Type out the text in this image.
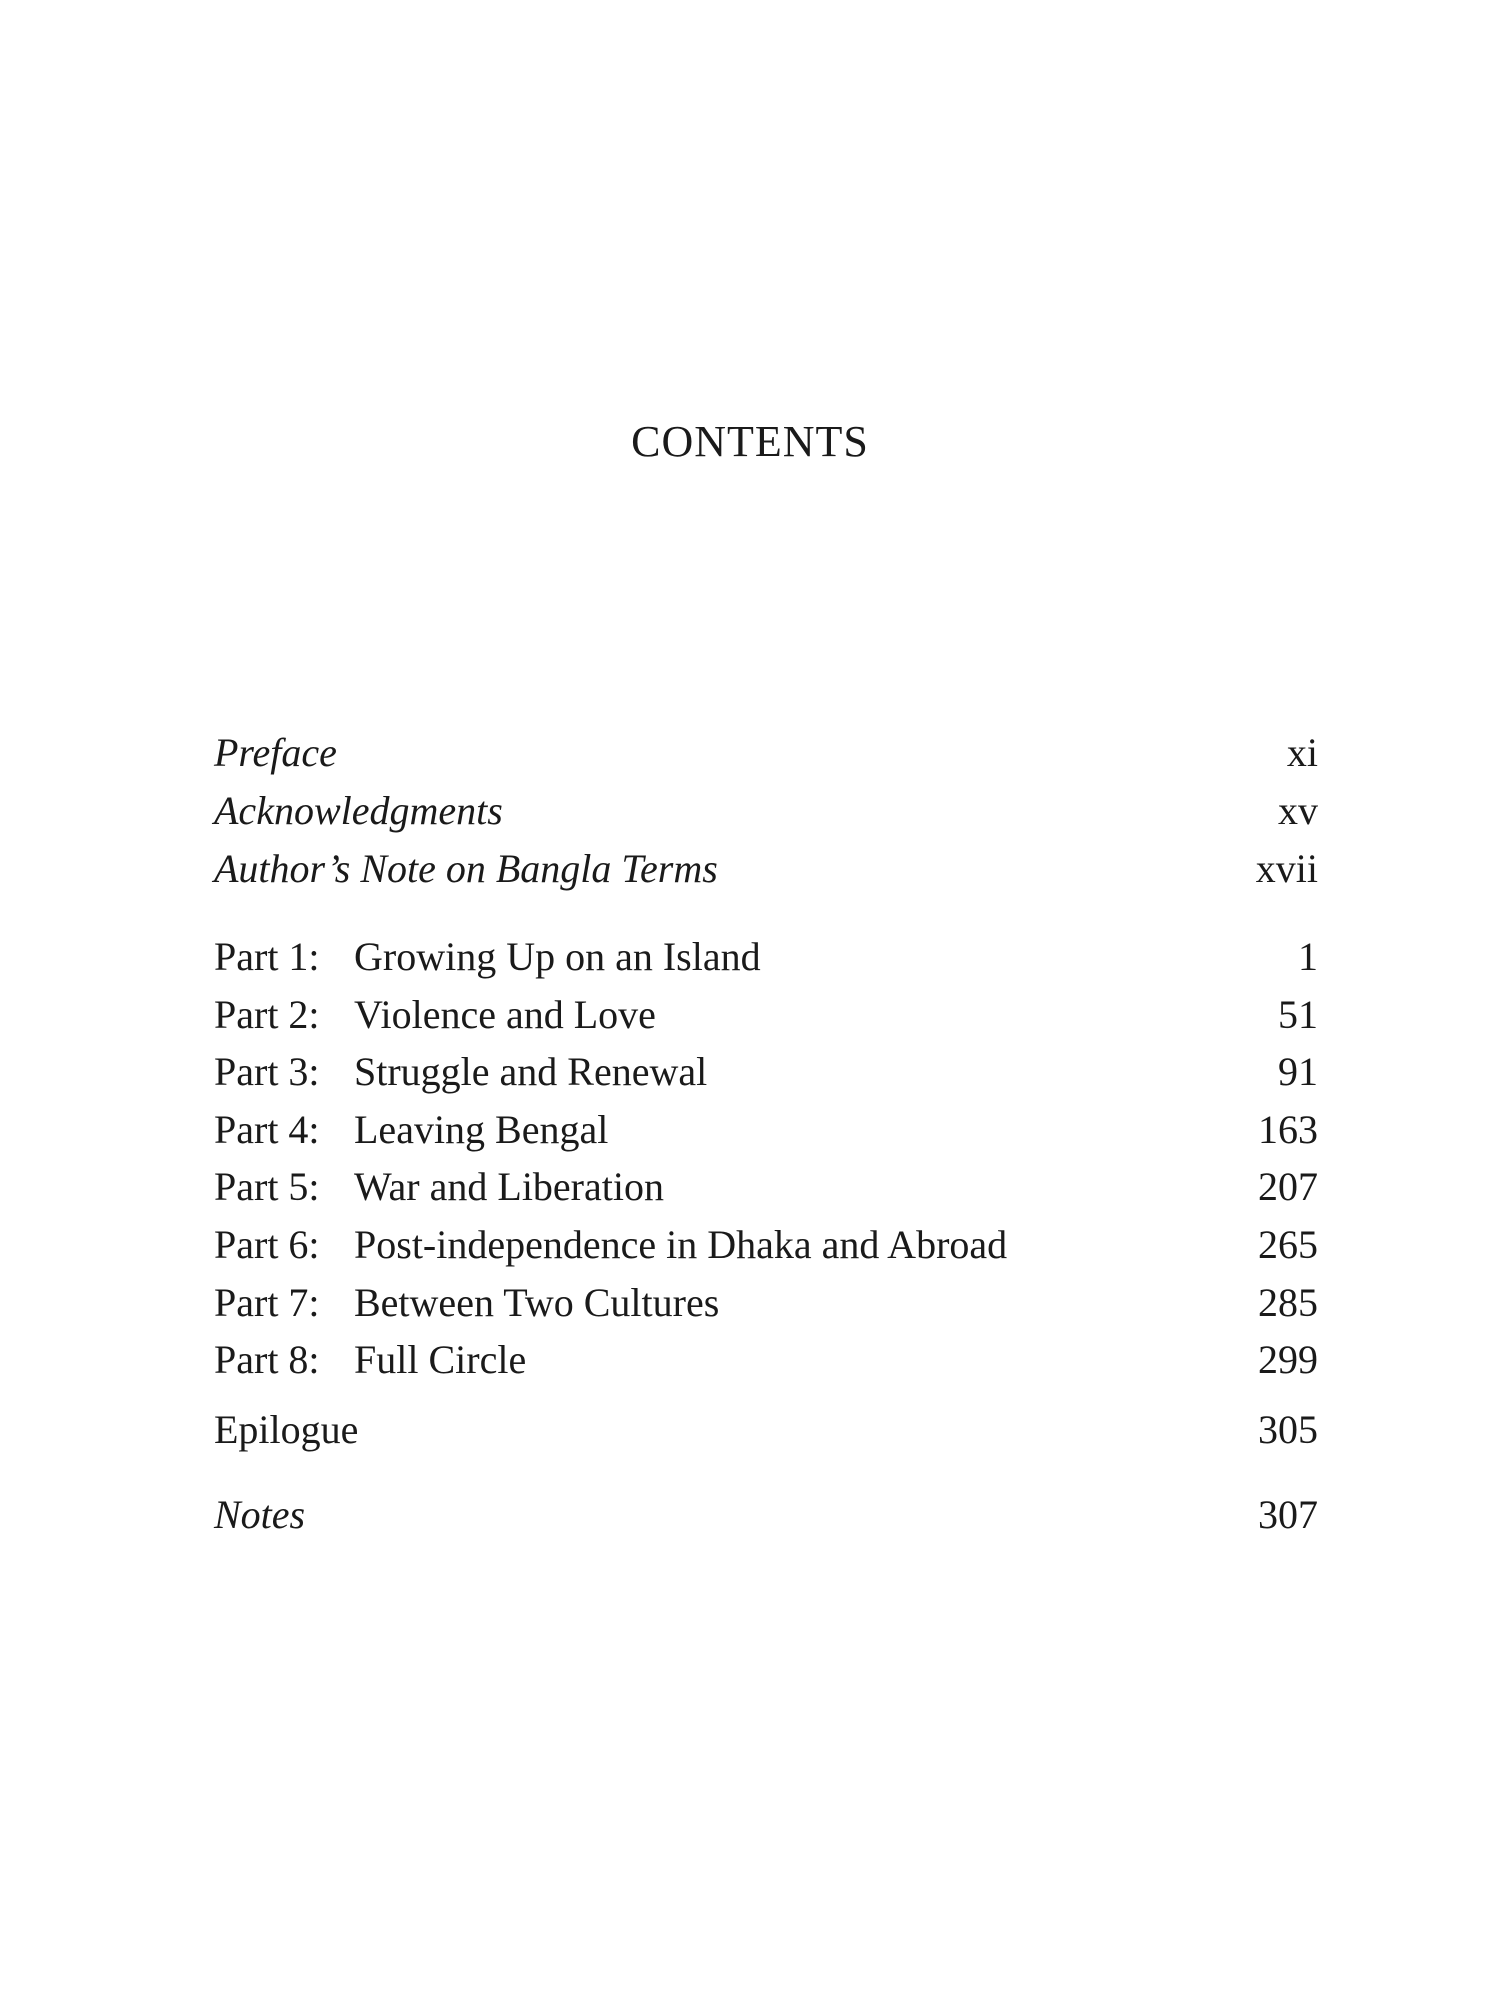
CONTENTS
Preface	xi
Acknowledgments	xv
Author’s Note on Bangla Terms	xvii
Part 1: Growing Up on an Island	1
Part 2: Violence and Love	51
Part 3: Struggle and Renewal	91
Part 4: Leaving Bengal	163
Part 5: War and Liberation	207
Part 6: Post-independence in Dhaka and Abroad	265
Part 7: Between Two Cultures	285
Part 8: Full Circle	299
Epilogue	305
Notes	307
